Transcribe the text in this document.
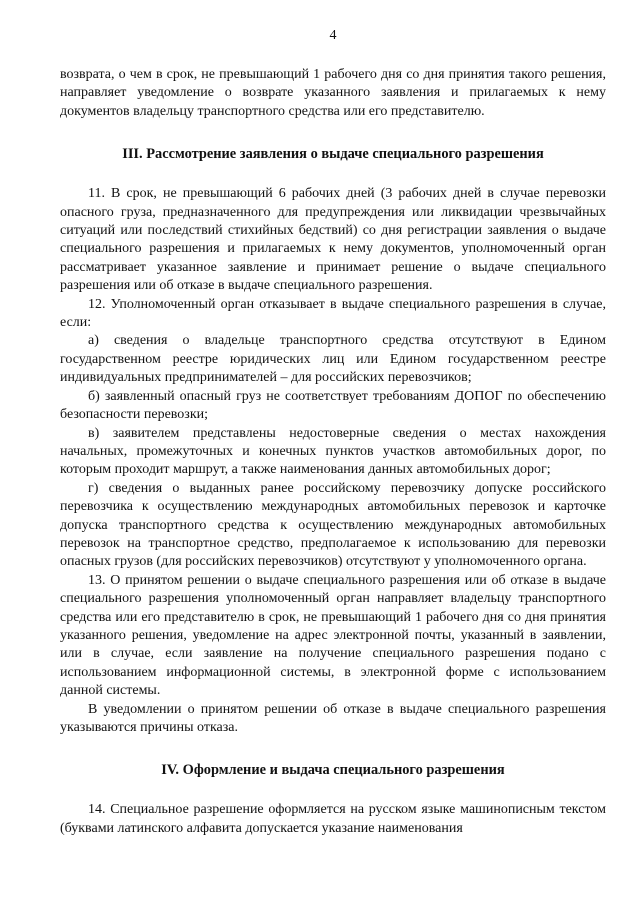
4

возврата, о чем в срок, не превышающий 1 рабочего дня со дня принятия такого решения, направляет уведомление о возврате указанного заявления и прилагаемых к нему документов владельцу транспортного средства или его представителю.

III. Рассмотрение заявления о выдаче специального разрешения

11. В срок, не превышающий 6 рабочих дней (3 рабочих дней в случае перевозки опасного груза, предназначенного для предупреждения или ликвидации чрезвычайных ситуаций или последствий стихийных бедствий) со дня регистрации заявления о выдаче специального разрешения и прилагаемых к нему документов, уполномоченный орган рассматривает указанное заявление и принимает решение о выдаче специального разрешения или об отказе в выдаче специального разрешения.

12. Уполномоченный орган отказывает в выдаче специального разрешения в случае, если:

а) сведения о владельце транспортного средства отсутствуют в Едином государственном реестре юридических лиц или Едином государственном реестре индивидуальных предпринимателей – для российских перевозчиков;

б) заявленный опасный груз не соответствует требованиям ДОПОГ по обеспечению безопасности перевозки;

в) заявителем представлены недостоверные сведения о местах нахождения начальных, промежуточных и конечных пунктов участков автомобильных дорог, по которым проходит маршрут, а также наименования данных автомобильных дорог;

г) сведения о выданных ранее российскому перевозчику допуске российского перевозчика к осуществлению международных автомобильных перевозок и карточке допуска транспортного средства к осуществлению международных автомобильных перевозок на транспортное средство, предполагаемое к использованию для перевозки опасных грузов (для российских перевозчиков) отсутствуют у уполномоченного органа.

13. О принятом решении о выдаче специального разрешения или об отказе в выдаче специального разрешения уполномоченный орган направляет владельцу транспортного средства или его представителю в срок, не превышающий 1 рабочего дня со дня принятия указанного решения, уведомление на адрес электронной почты, указанный в заявлении, или в случае, если заявление на получение специального разрешения подано с использованием информационной системы, в электронной форме с использованием данной системы.

В уведомлении о принятом решении об отказе в выдаче специального разрешения указываются причины отказа.

IV. Оформление и выдача специального разрешения

14. Специальное разрешение оформляется на русском языке машинописным текстом (буквами латинского алфавита допускается указание наименования
